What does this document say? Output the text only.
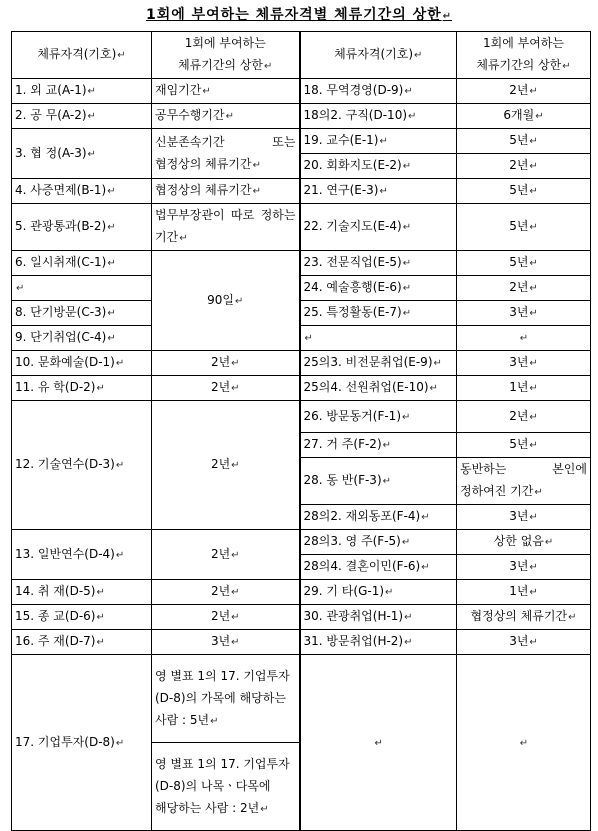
1회에 부여하는 체류자격별 체류기간의 상한↵
체류자격(기호)↵	1회에 부여하는 체류기간의 상한↵	체류자격(기호)↵	1회에 부여하는 체류기간의 상한↵
1. 외 교(A-1)↵	재임기간↵	18. 무역경영(D-9)↵	2년↵
2. 공 무(A-2)↵	공무수행기간↵	18의2. 구직(D-10)↵	6개월↵
3. 협 정(A-3)↵	신분존속기간 또는 협정상의 체류기간↵	19. 교수(E-1)↵	5년↵
		20. 회화지도(E-2)↵	2년↵
4. 사증면제(B-1)↵	협정상의 체류기간↵	21. 연구(E-3)↵	5년↵
5. 관광통과(B-2)↵	법무부장관이 따로 정하는 기간↵	22. 기술지도(E-4)↵	5년↵
6. 일시취재(C-1)↵	90일↵	23. 전문직업(E-5)↵	5년↵
↵		24. 예술흥행(E-6)↵	2년↵
8. 단기방문(C-3)↵		25. 특정활동(E-7)↵	3년↵
9. 단기취업(C-4)↵		↵	↵
10. 문화예술(D-1)↵	2년↵	25의3. 비전문취업(E-9)↵	3년↵
11. 유 학(D-2)↵	2년↵	25의4. 선원취업(E-10)↵	1년↵
12. 기술연수(D-3)↵	2년↵	26. 방문동거(F-1)↵	2년↵
		27. 거 주(F-2)↵	5년↵
		28. 동 반(F-3)↵	동반하는 본인에 정하여진 기간↵
		28의2. 재외동포(F-4)↵	3년↵

13. 일반연수(D-4)↵	2년↵	28의3. 영 주(F-5)↵	상한 없음↵
		28의4. 결혼이민(F-6)↵	3년↵
14. 취 재(D-5)↵	2년↵	29. 기 타(G-1)↵	1년↵
15. 종 교(D-6)↵	2년↵	30. 관광취업(H-1)↵	협정상의 체류기간↵
16. 주 재(D-7)↵	3년↵	31. 방문취업(H-2)↵	3년↵
17. 기업투자(D-8)↵	영 별표 1의 17. 기업투자(D-8)의 가목에 해당하는 사람 : 5년↵	↵	↵
	영 별표 1의 17. 기업투자(D-8)의 나목ㆍ다목에 해당하는 사람 : 2년↵		
